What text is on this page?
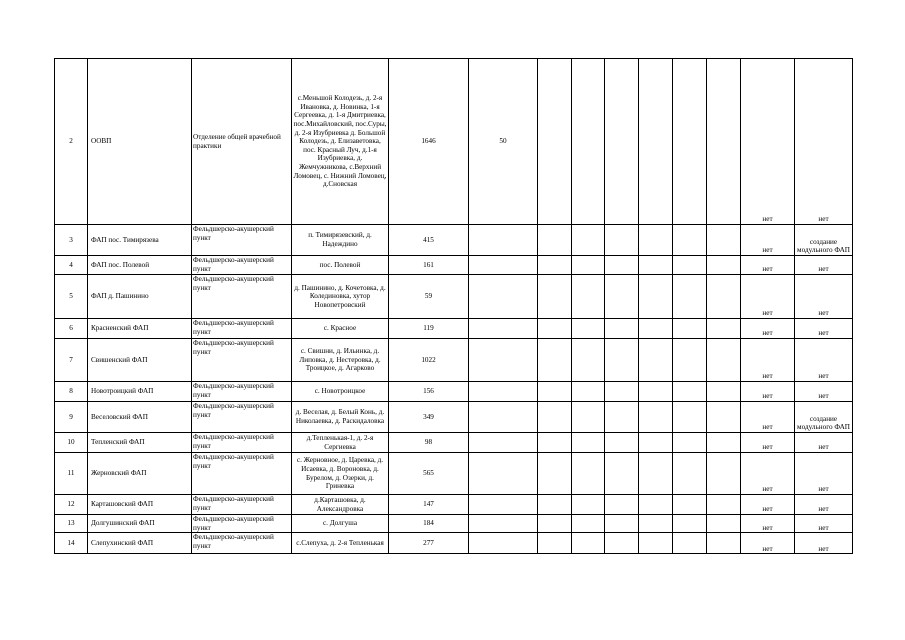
2	ООВП	Отделение общей врачебной практики	с.Меньшой Колодезь, д. 2-я Ивановка, д. Новинка, 1-я Сергеевка, д. 1-я Дмитриевка, пос.Михайловский, пос.Суры, д. 2-я Изубриевка д. Большой Колодезь, д. Елизаветовка, пос. Красный Луч, д.1-я Изубриевка, д. Жемчужникова, с.Верхний Ломовец, с. Нижний Ломовец, д.Сновская	1646	50							нет	нет
3	ФАП пос. Тимирязева	Фельдшерско-акушерский пункт	п. Тимирязевский, д. Надеждино	415								нет	создание модульного ФАП
4	ФАП пос. Полевой	Фельдшерско-акушерский пункт	пос. Полевой	161								нет	нет
5	ФАП д. Пашинино	Фельдшерско-акушерский пункт	д. Пашинино, д. Кочетовка, д. Колединовка, хутор Новопетровский	59								нет	нет
6	Красненский ФАП	Фельдшерско-акушерский пункт	с. Красное	119								нет	нет
7	Свишенский ФАП	Фельдшерско-акушерский пункт	с. Свишни, д. Ильинка, д. Липовка, д. Нестеровка, д. Троицкое, д. Агарково	1022								нет	нет
8	Новотроицкий ФАП	Фельдшерско-акушерский пункт	с. Новотроицкое	156								нет	нет
9	Веселовский ФАП	Фельдшерско-акушерский пункт	д. Веселая, д. Белый Конь, д. Николаевка, д. Раскидаловка	349								нет	создание модульного ФАП
10	Тепленский ФАП	Фельдшерско-акушерский пункт	д.Тепленькая-1, д. 2-я Сергиевка	98								нет	нет
11	Жерновский ФАП	Фельдшерско-акушерский пункт	с. Жерновное, д. Царевка, д. Исаевка, д. Вороновка, д. Бурелом, д. Озерки, д. Гриневка	565								нет	нет
12	Карташовский ФАП	Фельдшерско-акушерский пункт	д.Карташовка, д. Александровка	147								нет	нет
13	Долгушинский ФАП	Фельдшерско-акушерский пункт	с. Долгуша	184								нет	нет
14	Слепухинский ФАП	Фельдшерско-акушерский пункт	с.Слепуха, д. 2-я Тепленькая	277								нет	нет
